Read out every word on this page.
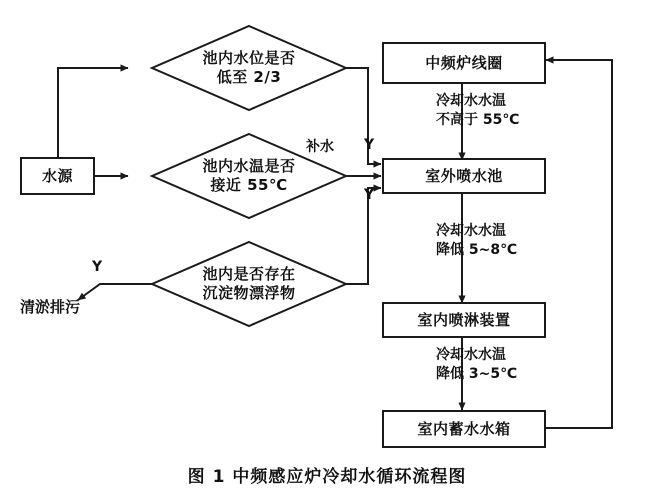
水源
中频炉线圈
室外喷水池
室内喷淋装置
室内蓄水水箱
池内水位是否
低至 2/3
池内水温是否
接近 55℃
池内是否存在
沉淀物漂浮物
补水 Y
Y
Y
冷却水水温
不高于 55℃
冷却水水温
降低 5~8℃
冷却水水温
降低 3~5℃
清淤排污
图 1 中频感应炉冷却水循环流程图
